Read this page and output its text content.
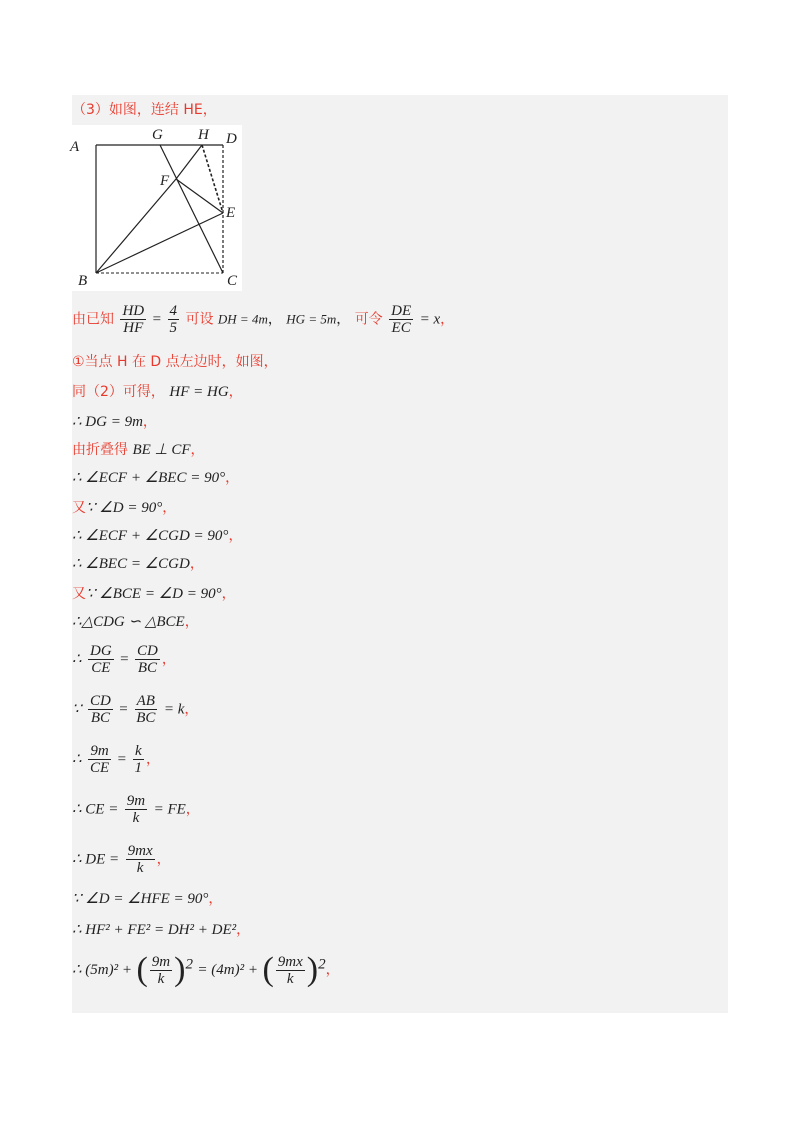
（3）如图，连结 HE，
A
G H D
F
E
B	C
由已知 $\frac{HD}{HF} = \frac{4}{5}$ 可设 DH = 4m， HG = 5m， 可令 $\frac{DE}{EC} = x$，
①当点 H 在 D 点左边时，如图，
同（2）可得， HF = HG，
∴ DG = 9m，
由折叠得 BE ⊥ CF，
∴ ∠ECF + ∠BEC = 90°，
又∵ ∠D = 90°，
∴ ∠ECF + ∠CGD = 90°，
∴ ∠BEC = ∠CGD，
又∵ ∠BCE = ∠D = 90°，
∴△CDG ∽ △BCE，
∴ $\frac{DG}{CE} = \frac{CD}{BC}$ ，
∵ $\frac{CD}{BC} = \frac{AB}{BC} = k$，
∴ $\frac{9m}{CE} = \frac{k}{1}$ ，
∴ CE = $\frac{9m}{k}$ = FE，
∴ DE = $\frac{9mx}{k}$ ，
∵ ∠D = ∠HFE = 90°，
∴ HF² + FE² = DH² + DE²，
∴ (5m)² + ( $\frac{9m}{k} )^2 = (4m)^2$ + ( $\frac{9mx}{k} )^2$，
